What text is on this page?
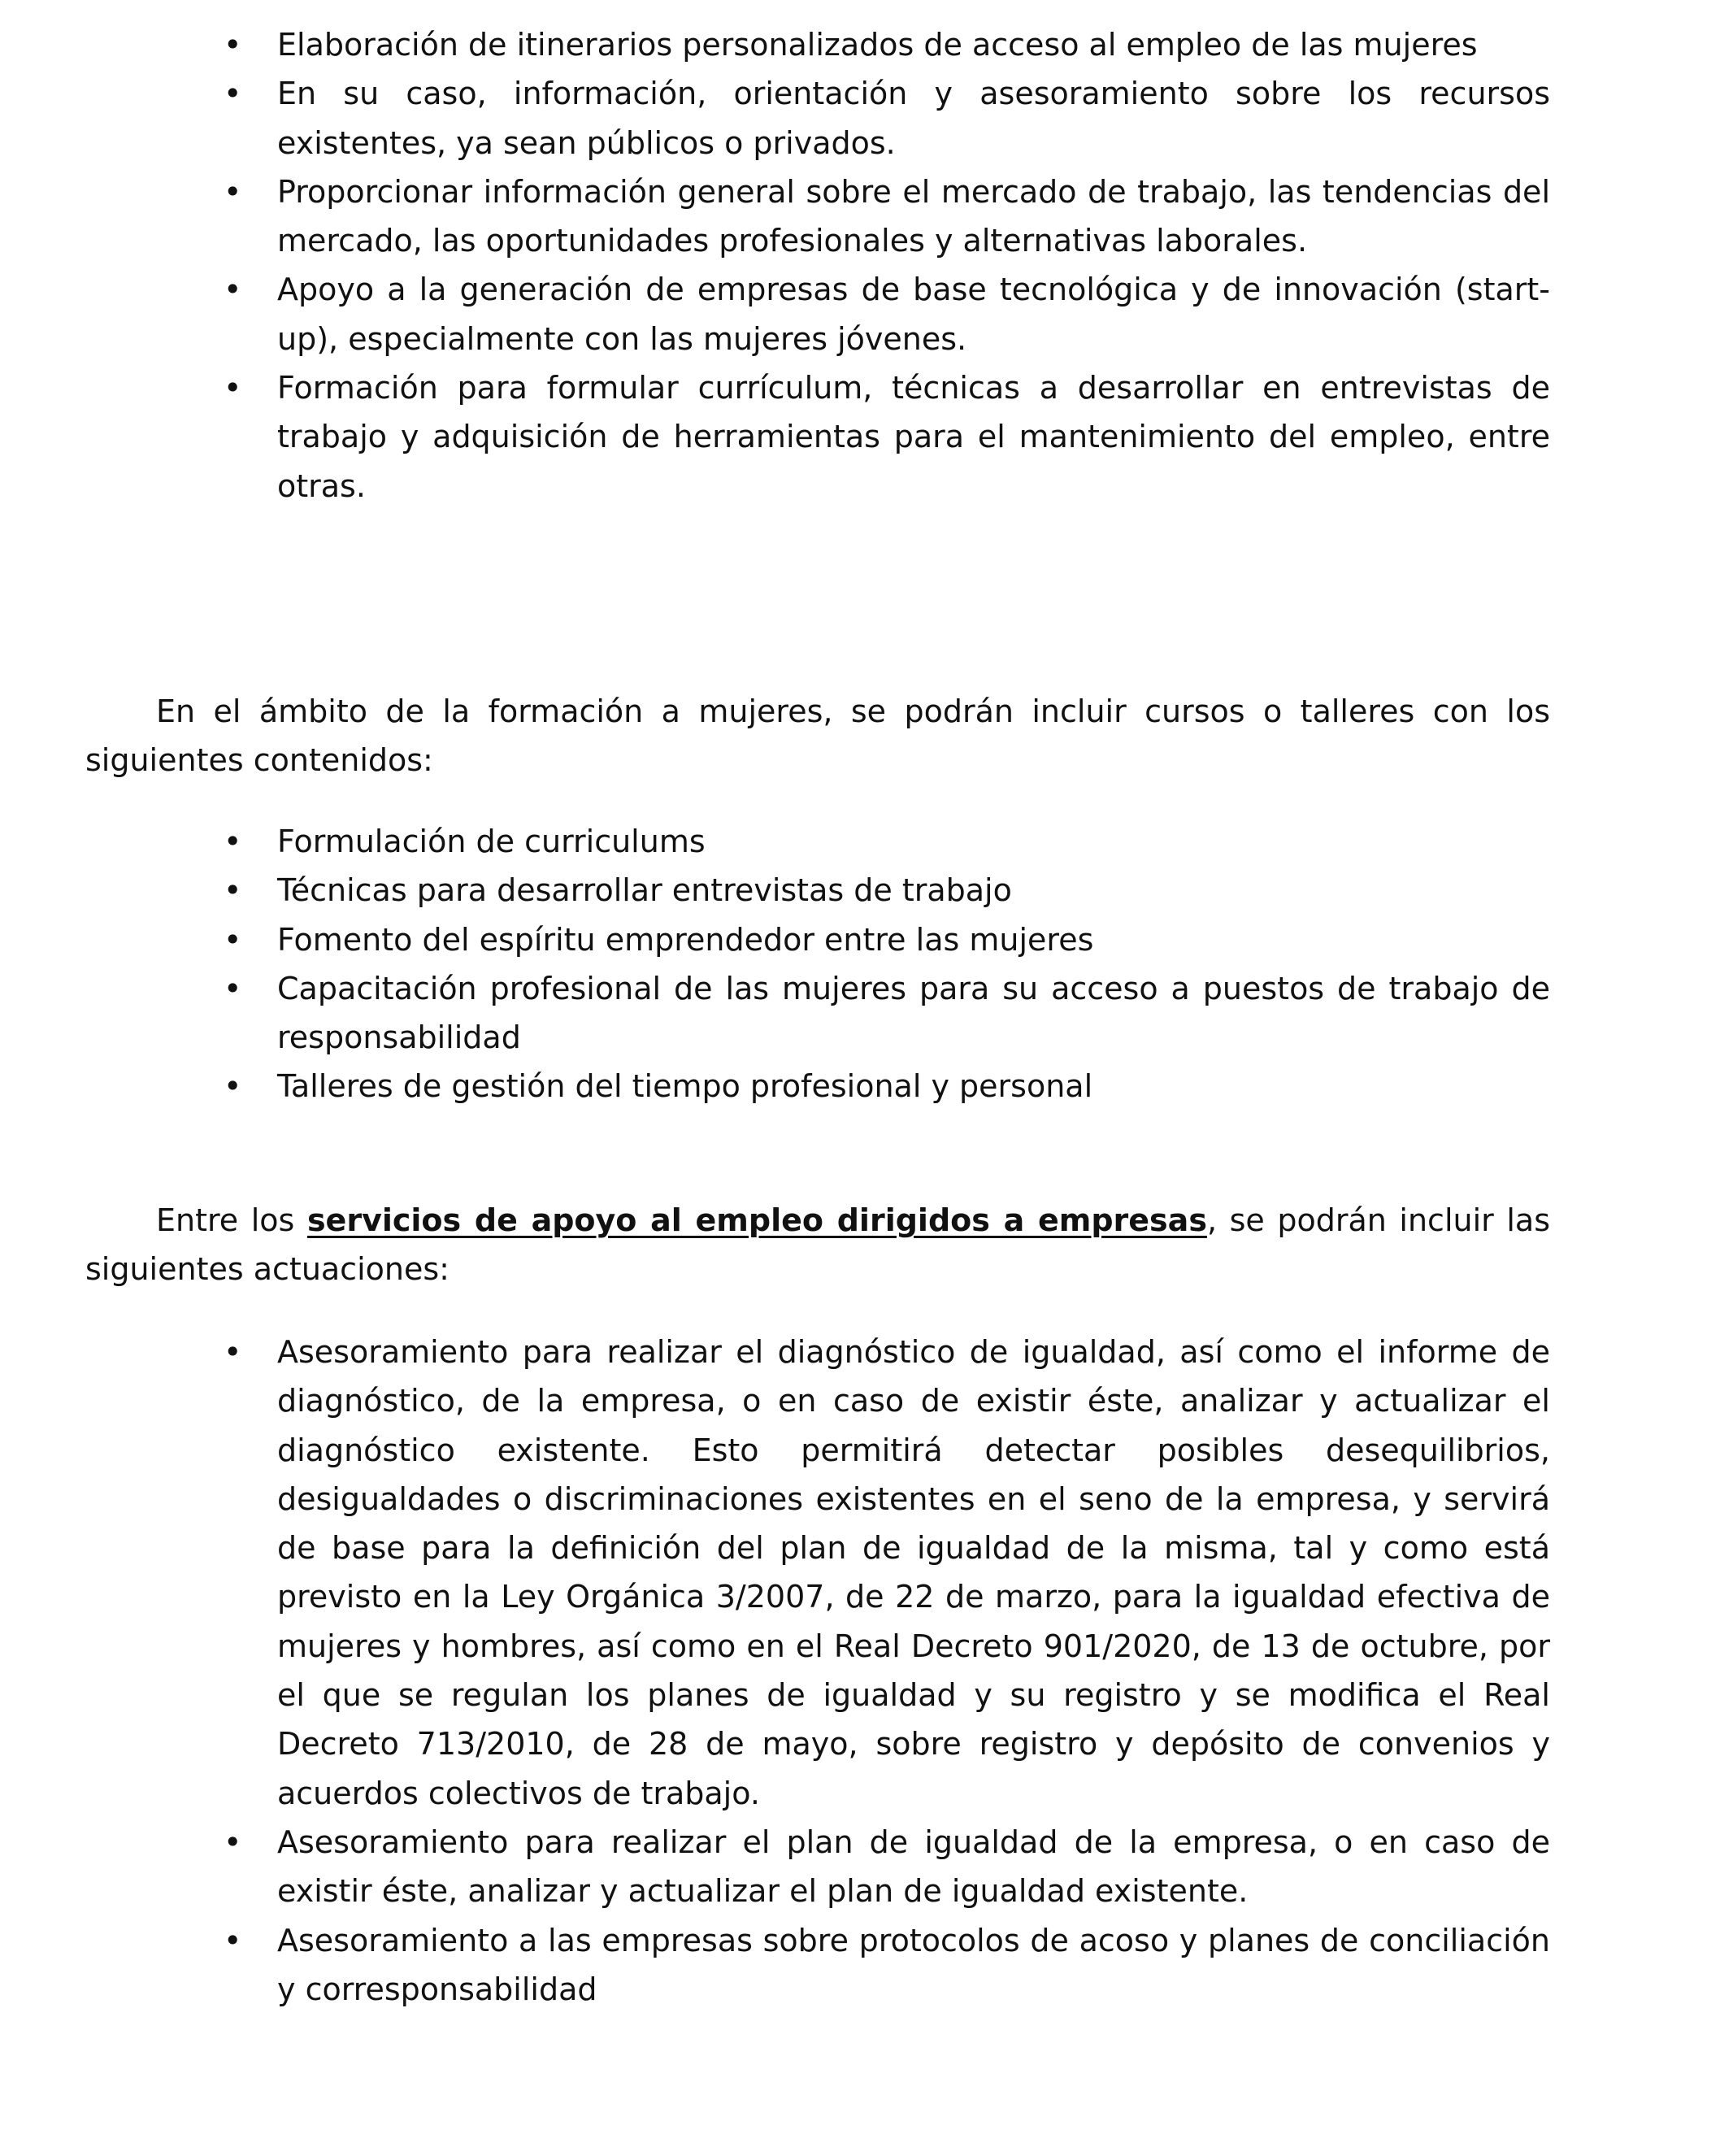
• Elaboración de itinerarios personalizados de acceso al empleo de las mujeres
• En su caso, información, orientación y asesoramiento sobre los recursos existentes, ya sean públicos o privados.
• Proporcionar información general sobre el mercado de trabajo, las tendencias del mercado, las oportunidades profesionales y alternativas laborales.
• Apoyo a la generación de empresas de base tecnológica y de innovación (start-up), especialmente con las mujeres jóvenes.
• Formación para formular currículum, técnicas a desarrollar en entrevistas de trabajo y adquisición de herramientas para el mantenimiento del empleo, entre otras.

En el ámbito de la formación a mujeres, se podrán incluir cursos o talleres con los siguientes contenidos:

• Formulación de curriculums
• Técnicas para desarrollar entrevistas de trabajo
• Fomento del espíritu emprendedor entre las mujeres
• Capacitación profesional de las mujeres para su acceso a puestos de trabajo de responsabilidad
• Talleres de gestión del tiempo profesional y personal

Entre los servicios de apoyo al empleo dirigidos a empresas, se podrán incluir las siguientes actuaciones:

• Asesoramiento para realizar el diagnóstico de igualdad, así como el informe de diagnóstico, de la empresa, o en caso de existir éste, analizar y actualizar el diagnóstico existente. Esto permitirá detectar posibles desequilibrios, desigualdades o discriminaciones existentes en el seno de la empresa, y servirá de base para la definición del plan de igualdad de la misma, tal y como está previsto en la Ley Orgánica 3/2007, de 22 de marzo, para la igualdad efectiva de mujeres y hombres, así como en el Real Decreto 901/2020, de 13 de octubre, por el que se regulan los planes de igualdad y su registro y se modifica el Real Decreto 713/2010, de 28 de mayo, sobre registro y depósito de convenios y acuerdos colectivos de trabajo.
• Asesoramiento para realizar el plan de igualdad de la empresa, o en caso de existir éste, analizar y actualizar el plan de igualdad existente.
• Asesoramiento a las empresas sobre protocolos de acoso y planes de conciliación y corresponsabilidad
